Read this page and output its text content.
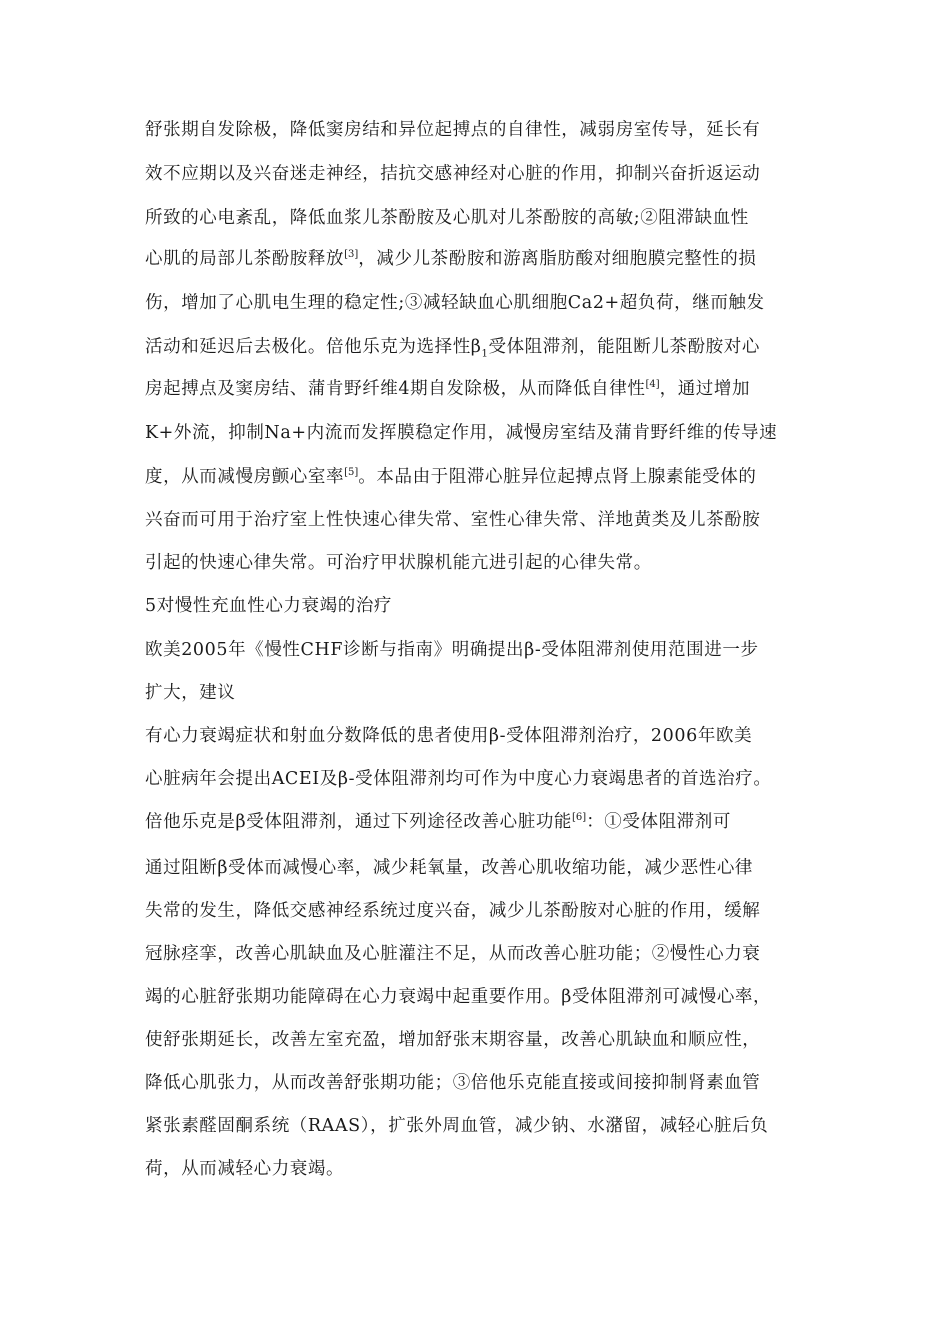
舒张期自发除极，降低窦房结和异位起搏点的自律性，减弱房室传导，延长有
效不应期以及兴奋迷走神经，拮抗交感神经对心脏的作用，抑制兴奋折返运动
所致的心电紊乱，降低血浆儿茶酚胺及心肌对儿茶酚胺的高敏;②阻滞缺血性
心肌的局部儿茶酚胺释放[3]，减少儿茶酚胺和游离脂肪酸对细胞膜完整性的损
伤，增加了心肌电生理的稳定性;③减轻缺血心肌细胞Ca2+超负荷，继而触发
活动和延迟后去极化。倍他乐克为选择性$\beta_1$受体阻滞剂，能阻断儿茶酚胺对心
房起搏点及窦房结、蒲肯野纤维4期自发除极，从而降低自律性[4]，通过增加
K+外流，抑制Na+内流而发挥膜稳定作用，减慢房室结及蒲肯野纤维的传导速
度，从而减慢房颤心室率[5]。本品由于阻滞心脏异位起搏点肾上腺素能受体的
兴奋而可用于治疗室上性快速心律失常、室性心律失常、洋地黄类及儿茶酚胺
引起的快速心律失常。可治疗甲状腺机能亢进引起的心律失常。
5对慢性充血性心力衰竭的治疗
欧美2005年《慢性CHF诊断与指南》明确提出β-受体阻滞剂使用范围进一步
扩大，建议
有心力衰竭症状和射血分数降低的患者使用β-受体阻滞剂治疗，2006年欧美
心脏病年会提出ACEI及β-受体阻滞剂均可作为中度心力衰竭患者的首选治疗。
倍他乐克是β受体阻滞剂，通过下列途径改善心脏功能[6]：①受体阻滞剂可
通过阻断β受体而减慢心率，减少耗氧量，改善心肌收缩功能，减少恶性心律
失常的发生，降低交感神经系统过度兴奋，减少儿茶酚胺对心脏的作用，缓解
冠脉痉挛，改善心肌缺血及心脏灌注不足，从而改善心脏功能；②慢性心力衰
竭的心脏舒张期功能障碍在心力衰竭中起重要作用。β受体阻滞剂可减慢心率，
使舒张期延长，改善左室充盈，增加舒张末期容量，改善心肌缺血和顺应性，
降低心肌张力，从而改善舒张期功能；③倍他乐克能直接或间接抑制肾素血管
紧张素醛固酮系统（RAAS），扩张外周血管，减少钠、水潴留，减轻心脏后负
荷，从而减轻心力衰竭。
